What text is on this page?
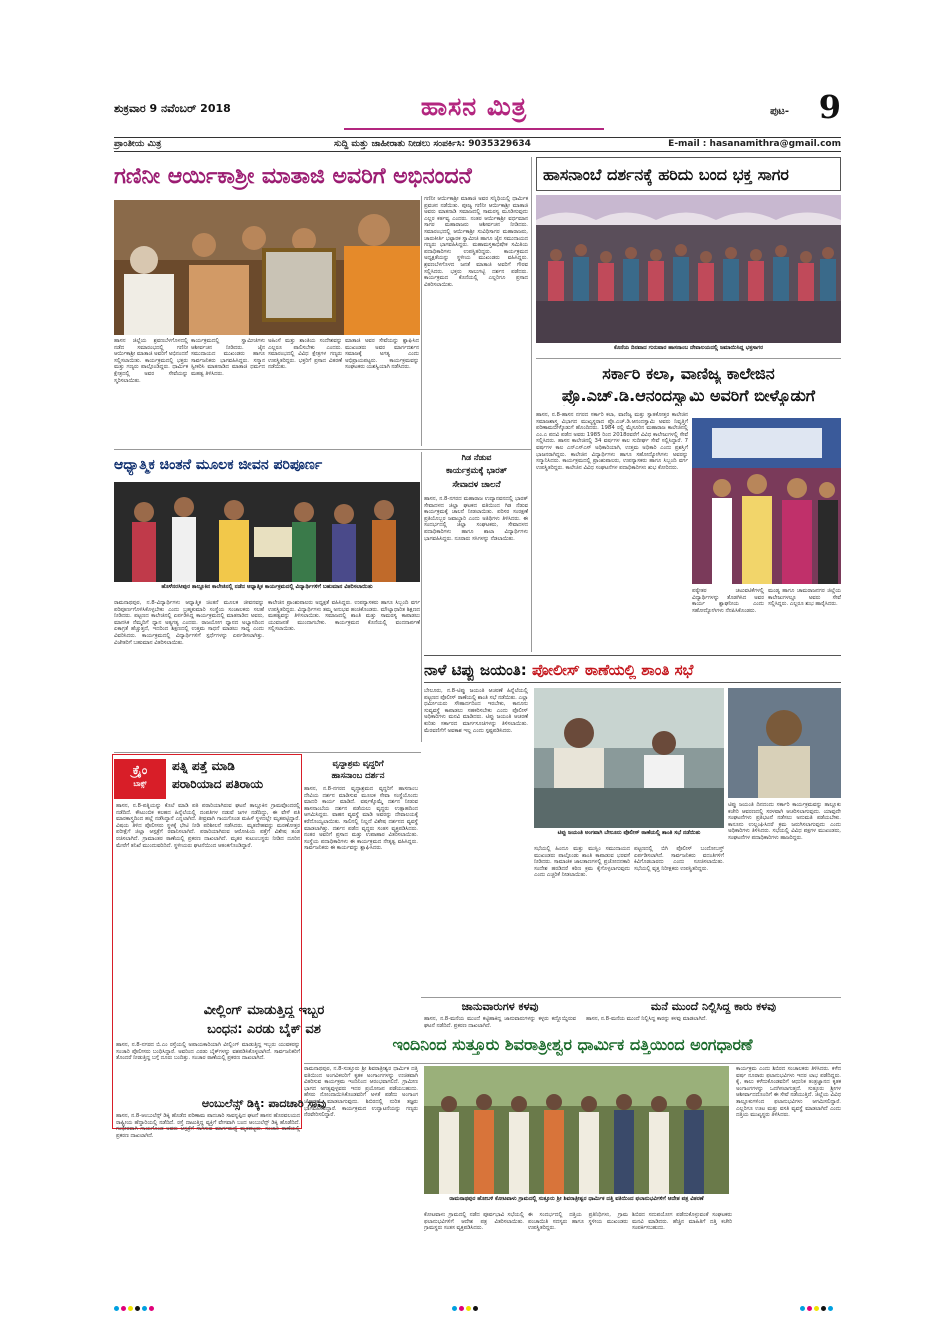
ಶುಕ್ರವಾರ 9 ನವೆಂಬರ್ 2018	ಹಾಸನ ಮಿತ್ರ	ಪುಟ- 9
ಪ್ರಾಂತೀಯ ಮಿತ್ರ	ಸುದ್ದಿ ಮತ್ತು ಜಾಹೀರಾತು ನೀಡಲು ಸಂಪರ್ಕಿಸಿ: 9035329634	E-mail : hasanamithra@gmail.com
ಗಣಿನೀ ಆರ್ಯಿಕಾಶ್ರೀ ಮಾತಾಜಿ ಅವರಿಗೆ ಅಭಿನಂದನೆ
ಹಾಸನ ಜಿಲ್ಲೆಯ ಶ್ರವಣಬೆಳಗೊಳದಲ್ಲಿ ನಡೆದ ಸಮಾರಂಭದಲ್ಲಿ ಗಣಿನೀ ಆರ್ಯಿಕಾಶ್ರೀ ಮಾತಾಜಿ ಅವರಿಗೆ ಅಭಿನಂದನೆ ಸಲ್ಲಿಸಲಾಯಿತು. ಕಾರ್ಯಕ್ರಮದಲ್ಲಿ ಭಕ್ತರು ಮತ್ತು ಗಣ್ಯರು ಪಾಲ್ಗೊಂಡಿದ್ದರು. ಧಾರ್ಮಿಕ ಕ್ಷೇತ್ರದಲ್ಲಿ ಅವರ ಸೇವೆಯನ್ನು ಸ್ಮರಿಸಲಾಯಿತು.
ಕಾರ್ಯಕ್ರಮದಲ್ಲಿ ಸ್ವಾಮೀಜಿಗಳು ಆಶೀರ್ವಚನ ನೀಡಿದರು. ಜೈನ ಸಮುದಾಯದ ಮುಖಂಡರು ಹಾಗೂ ಸಾರ್ವಜನಿಕರು ಭಾಗವಹಿಸಿದ್ದರು. ಸನ್ಮಾನ ಸ್ವೀಕರಿಸಿ ಮಾತನಾಡಿದ ಮಾತಾಜಿ ಧರ್ಮದ ಮಹತ್ವ ತಿಳಿಸಿದರು.
ಅಹಿಂಸೆ ಮತ್ತು ಶಾಂತಿಯ ಸಂದೇಶವನ್ನು ಎಲ್ಲರೂ ಪಾಲಿಸಬೇಕು ಎಂದರು. ಸಮಾರಂಭದಲ್ಲಿ ವಿವಿಧ ಕ್ಷೇತ್ರಗಳ ಗಣ್ಯರು ಉಪಸ್ಥಿತರಿದ್ದರು. ಭಕ್ತರಿಗೆ ಪ್ರಸಾದ ವಿತರಣೆ ನಡೆಯಿತು.
ಮಾತಾಜಿ ಅವರ ಸೇವೆಯನ್ನು ಶ್ಲಾಘಿಸಿದ ಮುಖಂಡರು ಅವರ ಮಾರ್ಗದರ್ಶನ ಸಮಾಜಕ್ಕೆ ಅಗತ್ಯ ಎಂದು ಅಭಿಪ್ರಾಯಪಟ್ಟರು. ಕಾರ್ಯಕ್ರಮವನ್ನು ಸಂಘಟಕರು ಯಶಸ್ವಿಯಾಗಿ ನಡೆಸಿದರು.
ಗಣಿನೀ ಆರ್ಯಿಕಾಶ್ರೀ ಮಾತಾಜಿ ಅವರ ಸನ್ನಿಧಿಯಲ್ಲಿ ಧಾರ್ಮಿಕ ಪ್ರವಚನ ನಡೆಯಿತು. ಪೂಜ್ಯ ಗಣಿನೀ ಆರ್ಯಿಕಾಶ್ರೀ ಮಾತಾಜಿ ಅವರು ಮಾತನಾಡಿ ಸಮಾಜದಲ್ಲಿ ಸಾಮರಸ್ಯ ಮೂಡಿಸುವುದು ಎಲ್ಲರ ಕರ್ತವ್ಯ ಎಂದರು. ನಂತರ ಆರ್ಯಿಕಾಶ್ರೀ ವರ್ಧಮಾನ ಸಾಗರ ಮಹಾರಾಜರು ಆಶೀರ್ವಚನ ನೀಡಿದರು. ಸಮಾರಂಭದಲ್ಲಿ ಆರ್ಯಿಕಾಶ್ರೀ ಸುವಿಧಿಸಾಗರ ಮಹಾರಾಜರು, ಚಾರುಕೀರ್ತಿ ಭಟ್ಟಾರಕ ಸ್ವಾಮೀಜಿ ಹಾಗೂ ಜೈನ ಸಮುದಾಯದ ಗಣ್ಯರು ಭಾಗವಹಿಸಿದ್ದರು. ಮಹಾಮಸ್ತಕಾಭಿಷೇಕ ಸಮಿತಿಯ ಪದಾಧಿಕಾರಿಗಳು ಉಪಸ್ಥಿತರಿದ್ದರು. ಕಾರ್ಯಕ್ರಮದ ಅಧ್ಯಕ್ಷತೆಯನ್ನು ಸ್ಥಳೀಯ ಮುಖಂಡರು ವಹಿಸಿದ್ದರು. ಶ್ರವಣಬೆಳಗೊಳದ ಜನತೆ ಮಾತಾಜಿ ಅವರಿಗೆ ಗೌರವ ಸಲ್ಲಿಸಿದರು. ಭಕ್ತರು ಸಾಲುಗಟ್ಟಿ ದರ್ಶನ ಪಡೆದರು. ಕಾರ್ಯಕ್ರಮದ ಕೊನೆಯಲ್ಲಿ ಎಲ್ಲರಿಗೂ ಪ್ರಸಾದ ವಿತರಿಸಲಾಯಿತು.
ಹಾಸನಾಂಬೆ ದರ್ಶನಕ್ಕೆ ಹರಿದು ಬಂದ ಭಕ್ತ ಸಾಗರ
ಕೊನೆಯ ದಿನವಾದ ಗುರುವಾರ ಹಾಸನಾಂಬ ದೇವಾಲಯದಲ್ಲಿ ಜಮಾಯಿಸಿದ್ದ ಭಕ್ತಸಾಗರ
ಸರ್ಕಾರಿ ಕಲಾ, ವಾಣಿಜ್ಯ ಕಾಲೇಜಿನ
ಪ್ರೊ.ಎಚ್.ಡಿ.ಆನಂದಸ್ವಾಮಿ ಅವರಿಗೆ ಬೀಳ್ಕೊಡುಗೆ
ಹಾಸನ, ನ.8-ಹಾಸನ ನಗರದ ಸರ್ಕಾರಿ ಕಲಾ, ವಾಣಿಜ್ಯ ಮತ್ತು ಸ್ನಾತಕೋತ್ತರ ಕಾಲೇಜಿನ ಸಮಾಜಶಾಸ್ತ್ರ ವಿಭಾಗದ ಮುಖ್ಯಸ್ಥರಾದ ಪ್ರೊ.ಎಚ್.ಡಿ.ಆನಂದಸ್ವಾಮಿ ಅವರು ನಿವೃತ್ತಿಗೆ ಪರಿಣಾಮಬೀಳ್ಕೊಡುಗೆ ಹೊಂದಿದರು. 1984 ರಲ್ಲಿ ಮೈಸೂರಿನ ಮಹಾರಾಜ ಕಾಲೇಜಿನಲ್ಲಿ ಎಂ.ಎ ಪದವಿ ಪಡೆದ ಅವರು 1985 ರಿಂದ 2018ರವರೆಗೆ ವಿವಿಧ ಕಾಲೇಜುಗಳಲ್ಲಿ ಸೇವೆ ಸಲ್ಲಿಸಿದರು. ಹಾಸನ ಕಾಲೇಜಿನಲ್ಲಿ 34 ವರ್ಷಗಳ ಕಾಲ ಸುದೀರ್ಘ ಸೇವೆ ಸಲ್ಲಿಸಿದ್ದಾರೆ. 7 ವರ್ಷಗಳ ಕಾಲ ಎನ್‌ಎಸ್‌ಎಸ್ ಅಧಿಕಾರಿಯಾಗಿ, ಉತ್ತಮ ಅಧಿಕಾರಿ ಎಂದು ಪ್ರಶಸ್ತಿಗೆ ಭಾಜನರಾಗಿದ್ದರು. ಕಾಲೇಜಿನ ವಿದ್ಯಾರ್ಥಿಗಳು ಹಾಗೂ ಸಹೋದ್ಯೋಗಿಗಳು ಅವರನ್ನು ಸನ್ಮಾನಿಸಿದರು. ಕಾರ್ಯಕ್ರಮದಲ್ಲಿ ಪ್ರಾಂಶುಪಾಲರು, ಉಪನ್ಯಾಸಕರು ಹಾಗೂ ಸಿಬ್ಬಂದಿ ವರ್ಗ ಉಪಸ್ಥಿತರಿದ್ದರು. ಕಾಲೇಜಿನ ವಿವಿಧ ಸಂಘಟನೆಗಳ ಪದಾಧಿಕಾರಿಗಳು ಶುಭ ಕೋರಿದರು.
ಪಠ್ಯೇತರ ಚಟುವಟಿಕೆಗಳಲ್ಲಿ ವಿದ್ಯಾರ್ಥಿಗಳನ್ನು ತೊಡಗಿಸಿದ ಅವರ ಕಾರ್ಯ ಶ್ಲಾಘನೀಯ ಎಂದು ಸಹೋದ್ಯೋಗಿಗಳು ನೆನಪಿಸಿಕೊಂಡರು.
ಮಂಡ್ಯ ಹಾಗೂ ಚಾಮರಾಜನಗರ ಜಿಲ್ಲೆಯ ಕಾಲೇಜುಗಳಲ್ಲೂ ಅವರು ಸೇವೆ ಸಲ್ಲಿಸಿದ್ದರು. ಎಲ್ಲರೂ ಶುಭ ಹಾರೈಸಿದರು.
ಆಧ್ಯಾತ್ಮಿಕ ಚಿಂತನೆ ಮೂಲಕ ಜೀವನ ಪರಿಪೂರ್ಣ
ಹೊಳೆನರಸೀಪುರ ತಾಲ್ಲೂಕಿನ ಕಾಲೇಜಿನಲ್ಲಿ ನಡೆದ ಆಧ್ಯಾತ್ಮಿಕ ಕಾರ್ಯಕ್ರಮದಲ್ಲಿ ವಿದ್ಯಾರ್ಥಿಗಳಿಗೆ ಬಹುಮಾನ ವಿತರಿಸಲಾಯಿತು
ರಾಮನಾಥಪುರ, ನ.8-ವಿದ್ಯಾರ್ಥಿಗಳು ಆಧ್ಯಾತ್ಮಿಕ ಚಿಂತನೆ ಮೂಲಕ ಜೀವನವನ್ನು ಪರಿಪೂರ್ಣಗೊಳಿಸಿಕೊಳ್ಳಬೇಕು ಎಂದು ಬ್ರಹ್ಮಕುಮಾರಿ ಸಂಸ್ಥೆಯ ಸಂಚಾಲಕರು ಸಲಹೆ ನೀಡಿದರು. ಪಟ್ಟಣದ ಕಾಲೇಜಿನಲ್ಲಿ ಏರ್ಪಡಿಸಿದ್ದ ಕಾರ್ಯಕ್ರಮದಲ್ಲಿ ಮಾತನಾಡಿದ ಅವರು, ಮಾನಸಿಕ ನೆಮ್ಮದಿಗೆ ಧ್ಯಾನ ಅತ್ಯಗತ್ಯ ಎಂದರು. ರಾಜಯೋಗ ಧ್ಯಾನದ ಅಭ್ಯಾಸದಿಂದ ಏಕಾಗ್ರತೆ ಹೆಚ್ಚುತ್ತದೆ, ಇದರಿಂದ ಶಿಕ್ಷಣದಲ್ಲಿ ಉತ್ತಮ ಸಾಧನೆ ಮಾಡಲು ಸಾಧ್ಯ ಎಂದು ವಿವರಿಸಿದರು. ಕಾರ್ಯಕ್ರಮದಲ್ಲಿ ವಿದ್ಯಾರ್ಥಿಗಳಿಗೆ ಸ್ಪರ್ಧೆಗಳನ್ನು ಏರ್ಪಡಿಸಲಾಗಿತ್ತು. ವಿಜೇತರಿಗೆ ಬಹುಮಾನ ವಿತರಿಸಲಾಯಿತು.
ಕಾಲೇಜಿನ ಪ್ರಾಂಶುಪಾಲರು ಅಧ್ಯಕ್ಷತೆ ವಹಿಸಿದ್ದರು. ಉಪನ್ಯಾಸಕರು ಹಾಗೂ ಸಿಬ್ಬಂದಿ ವರ್ಗ ಉಪಸ್ಥಿತರಿದ್ದರು. ವಿದ್ಯಾರ್ಥಿಗಳು ತಮ್ಮ ಅನುಭವ ಹಂಚಿಕೊಂಡರು. ಮೌಲ್ಯಾಧಾರಿತ ಶಿಕ್ಷಣದ ಮಹತ್ವವನ್ನು ತಿಳಿಸಲಾಯಿತು. ಸಮಾಜದಲ್ಲಿ ಶಾಂತಿ ಮತ್ತು ಸಾಮರಸ್ಯ ಕಾಪಾಡಲು ಯುವಜನತೆ ಮುಂದಾಗಬೇಕು. ಕಾರ್ಯಕ್ರಮದ ಕೊನೆಯಲ್ಲಿ ವಂದನಾರ್ಪಣೆ ಸಲ್ಲಿಸಲಾಯಿತು.
ಗಿಡ ನೆಡುವ
ಕಾರ್ಯಕ್ರಮಕ್ಕೆ ಭಾರತ್
ಸೇವಾದಳ ಚಾಲನೆ
ಹಾಸನ, ನ.8-ನಗರದ ಮಹಾರಾಜ ಉದ್ಯಾನವನದಲ್ಲಿ ಭಾರತ್ ಸೇವಾದಳದ ಜಿಲ್ಲಾ ಘಟಕದ ವತಿಯಿಂದ ಗಿಡ ನೆಡುವ ಕಾರ್ಯಕ್ರಮಕ್ಕೆ ಚಾಲನೆ ನೀಡಲಾಯಿತು. ಪರಿಸರ ಸಂರಕ್ಷಣೆ ಪ್ರತಿಯೊಬ್ಬರ ಜವಾಬ್ದಾರಿ ಎಂದು ಅತಿಥಿಗಳು ತಿಳಿಸಿದರು. ಈ ಸಂದರ್ಭದಲ್ಲಿ ಜಿಲ್ಲಾ ಸಂಘಟಕರು, ಸೇವಾದಳದ ಪದಾಧಿಕಾರಿಗಳು ಹಾಗೂ ಶಾಲಾ ವಿದ್ಯಾರ್ಥಿಗಳು ಭಾಗವಹಿಸಿದ್ದರು. ನೂರಾರು ಸಸಿಗಳನ್ನು ನೆಡಲಾಯಿತು.
ನಾಳೆ ಟಿಪ್ಪು ಜಯಂತಿ: ಪೋಲೀಸ್ ಠಾಣೆಯಲ್ಲಿ ಶಾಂತಿ ಸಭೆ
ಬೇಲೂರು, ನ.8-ಟಿಪ್ಪು ಜಯಂತಿ ಆಚರಣೆ ಹಿನ್ನೆಲೆಯಲ್ಲಿ ಪಟ್ಟಣದ ಪೊಲೀಸ್ ಠಾಣೆಯಲ್ಲಿ ಶಾಂತಿ ಸಭೆ ನಡೆಯಿತು. ಎಲ್ಲಾ ಧರ್ಮೀಯರು ಸೌಹಾರ್ದದಿಂದ ಇರಬೇಕು, ಕಾನೂನು ಸುವ್ಯವಸ್ಥೆ ಕಾಪಾಡಲು ಸಹಕರಿಸಬೇಕು ಎಂದು ಪೊಲೀಸ್ ಅಧಿಕಾರಿಗಳು ಮನವಿ ಮಾಡಿದರು. ಟಿಪ್ಪು ಜಯಂತಿ ಆಚರಣೆ ಕುರಿತು ಸರ್ಕಾರದ ಮಾರ್ಗಸೂಚಿಗಳನ್ನು ತಿಳಿಸಲಾಯಿತು. ಮೆರವಣಿಗೆಗೆ ಅವಕಾಶ ಇಲ್ಲ ಎಂದು ಸ್ಪಷ್ಟಪಡಿಸಿದರು.
ಟಿಪ್ಪು ಜಯಂತಿ ಅಂಗವಾಗಿ ಬೇಲೂರು ಪೊಲೀಸ್ ಠಾಣೆಯಲ್ಲಿ ಶಾಂತಿ ಸಭೆ ನಡೆಯಿತು
ಸಭೆಯಲ್ಲಿ ಹಿಂದೂ ಮತ್ತು ಮುಸ್ಲಿಂ ಸಮುದಾಯದ ಮುಖಂಡರು ಪಾಲ್ಗೊಂಡು ಶಾಂತಿ ಕಾಪಾಡುವ ಭರವಸೆ ನೀಡಿದರು. ಸಾಮಾಜಿಕ ಜಾಲತಾಣಗಳಲ್ಲಿ ಪ್ರಚೋದನಕಾರಿ ಸಂದೇಶ ಹರಡಿದರೆ ಕಠಿಣ ಕ್ರಮ ಕೈಗೊಳ್ಳಲಾಗುವುದು ಎಂದು ಎಚ್ಚರಿಕೆ ನೀಡಲಾಯಿತು.
ಪಟ್ಟಣದಲ್ಲಿ ಬಿಗಿ ಪೊಲೀಸ್ ಬಂದೋಬಸ್ತ್ ಏರ್ಪಡಿಸಲಾಗಿದೆ. ಸಾರ್ವಜನಿಕರು ವದಂತಿಗಳಿಗೆ ಕಿವಿಗೊಡಬಾರದು ಎಂದು ಸೂಚಿಸಲಾಯಿತು. ಸಭೆಯಲ್ಲಿ ವೃತ್ತ ನಿರೀಕ್ಷಕರು ಉಪಸ್ಥಿತರಿದ್ದರು.
ಟಿಪ್ಪು ಜಯಂತಿ ದಿನದಂದು ಸರ್ಕಾರಿ ಕಾರ್ಯಕ್ರಮವನ್ನು ತಾಲ್ಲೂಕು ಕಚೇರಿ ಆವರಣದಲ್ಲಿ ಸರಳವಾಗಿ ಆಚರಿಸಲಾಗುವುದು. ಯಾವುದೇ ಸಂಘಟನೆಗಳು ಪ್ರತಿಭಟನೆ ನಡೆಸಲು ಅನುಮತಿ ಪಡೆಯಬೇಕು. ಕಾನೂನು ಉಲ್ಲಂಘಿಸಿದರೆ ಕ್ರಮ ಜರುಗಿಸಲಾಗುವುದು ಎಂದು ಅಧಿಕಾರಿಗಳು ತಿಳಿಸಿದರು. ಸಭೆಯಲ್ಲಿ ವಿವಿಧ ಪಕ್ಷಗಳ ಮುಖಂಡರು, ಸಂಘಟನೆಗಳ ಪದಾಧಿಕಾರಿಗಳು ಹಾಜರಿದ್ದರು.
ಕ್ರೈಂ
ಬಾಕ್ಸ್
ಪತ್ನಿ ಪತ್ತೆ ಮಾಡಿ
ಪರಾರಿಯಾದ ಪತಿರಾಯ
ಹಾಸನ, ನ.8-ಪತ್ನಿಯನ್ನು ಕೊಲೆ ಮಾಡಿ ಪತಿ ಪರಾರಿಯಾಗಿರುವ ಘಟನೆ ತಾಲ್ಲೂಕಿನ ಗ್ರಾಮವೊಂದರಲ್ಲಿ ನಡೆದಿದೆ. ಕೌಟುಂಬಿಕ ಕಲಹದ ಹಿನ್ನೆಲೆಯಲ್ಲಿ ದಂಪತಿಗಳ ನಡುವೆ ಜಗಳ ನಡೆದಿದ್ದು, ಈ ವೇಳೆ ಪತಿ ಮಾರಕಾಸ್ತ್ರದಿಂದ ಹಲ್ಲೆ ನಡೆಸಿದ್ದಾನೆ ಎನ್ನಲಾಗಿದೆ. ತೀವ್ರವಾಗಿ ಗಾಯಗೊಂಡ ಮಹಿಳೆ ಸ್ಥಳದಲ್ಲೇ ಮೃತಪಟ್ಟಿದ್ದಾರೆ. ವಿಷಯ ತಿಳಿದ ಪೊಲೀಸರು ಸ್ಥಳಕ್ಕೆ ಭೇಟಿ ನೀಡಿ ಪರಿಶೀಲನೆ ನಡೆಸಿದರು. ಮೃತದೇಹವನ್ನು ಮರಣೋತ್ತರ ಪರೀಕ್ಷೆಗೆ ಜಿಲ್ಲಾ ಆಸ್ಪತ್ರೆಗೆ ರವಾನಿಸಲಾಗಿದೆ. ಪರಾರಿಯಾಗಿರುವ ಆರೋಪಿಯ ಪತ್ತೆಗೆ ವಿಶೇಷ ತಂಡ ರಚಿಸಲಾಗಿದೆ. ಗ್ರಾಮಾಂತರ ಠಾಣೆಯಲ್ಲಿ ಪ್ರಕರಣ ದಾಖಲಾಗಿದೆ. ಮೃತರ ಕುಟುಂಬಸ್ಥರು ನೀಡಿದ ದೂರಿನ ಮೇರೆಗೆ ತನಿಖೆ ಮುಂದುವರಿದಿದೆ. ಸ್ಥಳೀಯರು ಘಟನೆಯಿಂದ ಆತಂಕಗೊಂಡಿದ್ದಾರೆ.
ವೃದ್ಧಾಶ್ರಮ ವೃದ್ಧರಿಗೆ
ಹಾಸನಾಂಬ ದರ್ಶನ
ಹಾಸನ, ನ.8-ನಗರದ ವೃದ್ಧಾಶ್ರಮದ ವೃದ್ಧರಿಗೆ ಹಾಸನಾಂಬ ದೇವಿಯ ದರ್ಶನ ಮಾಡಿಸುವ ಮೂಲಕ ಸೇವಾ ಸಂಸ್ಥೆಯೊಂದು ಮಾದರಿ ಕಾರ್ಯ ಮಾಡಿದೆ. ವರ್ಷಕ್ಕೊಮ್ಮೆ ದರ್ಶನ ನೀಡುವ ಹಾಸನಾಂಬೆಯ ದರ್ಶನ ಪಡೆಯಲು ವೃದ್ಧರು ಉತ್ಸಾಹದಿಂದ ಆಗಮಿಸಿದ್ದರು. ವಾಹನ ವ್ಯವಸ್ಥೆ ಮಾಡಿ ಅವರನ್ನು ದೇವಾಲಯಕ್ಕೆ ಕರೆದೊಯ್ಯಲಾಯಿತು. ಸಾಲಿನಲ್ಲಿ ನಿಲ್ಲದೆ ವಿಶೇಷ ದರ್ಶನದ ವ್ಯವಸ್ಥೆ ಮಾಡಲಾಗಿತ್ತು. ದರ್ಶನ ಪಡೆದ ವೃದ್ಧರು ಸಂತಸ ವ್ಯಕ್ತಪಡಿಸಿದರು. ನಂತರ ಅವರಿಗೆ ಪ್ರಸಾದ ಮತ್ತು ಉಪಾಹಾರ ವಿತರಿಸಲಾಯಿತು. ಸಂಸ್ಥೆಯ ಪದಾಧಿಕಾರಿಗಳು ಈ ಕಾರ್ಯಕ್ರಮದ ನೇತೃತ್ವ ವಹಿಸಿದ್ದರು. ಸಾರ್ವಜನಿಕರು ಈ ಕಾರ್ಯವನ್ನು ಶ್ಲಾಘಿಸಿದರು.
ವೀಲ್ಲಿಂಗ್ ಮಾಡುತ್ತಿದ್ದ ಇಬ್ಬರ
ಬಂಧನ: ಎರಡು ಬೈಕ್ ವಶ
ಹಾಸನ, ನ.8-ನಗರದ ಬಿ.ಎಂ ರಸ್ತೆಯಲ್ಲಿ ಅಪಾಯಕಾರಿಯಾಗಿ ವೀಲ್ಲಿಂಗ್ ಮಾಡುತ್ತಿದ್ದ ಇಬ್ಬರು ಯುವಕರನ್ನು ಸಂಚಾರಿ ಪೊಲೀಸರು ಬಂಧಿಸಿದ್ದಾರೆ. ಅವರಿಂದ ಎರಡು ಬೈಕ್‌ಗಳನ್ನು ವಶಪಡಿಸಿಕೊಳ್ಳಲಾಗಿದೆ. ಸಾರ್ವಜನಿಕರಿಗೆ ತೊಂದರೆ ನೀಡುತ್ತಿದ್ದ ಬಗ್ಗೆ ದೂರು ಬಂದಿತ್ತು. ಸಂಚಾರ ಠಾಣೆಯಲ್ಲಿ ಪ್ರಕರಣ ದಾಖಲಾಗಿದೆ.
ಆಂಬುಲೆನ್ಸ್ ಡಿಕ್ಕಿ: ಪಾದಚಾರಿ ಸಾವು
ಹಾಸನ, ನ.8-ಆಂಬುಲೆನ್ಸ್ ಡಿಕ್ಕಿ ಹೊಡೆದ ಪರಿಣಾಮ ಪಾದಚಾರಿ ಸಾವನ್ನಪ್ಪಿದ ಘಟನೆ ಹಾಸನ ಹೊರವಲಯದ ರಾಷ್ಟ್ರೀಯ ಹೆದ್ದಾರಿಯಲ್ಲಿ ನಡೆದಿದೆ. ರಸ್ತೆ ದಾಟುತ್ತಿದ್ದ ವ್ಯಕ್ತಿಗೆ ವೇಗವಾಗಿ ಬಂದ ಆಂಬುಲೆನ್ಸ್ ಡಿಕ್ಕಿ ಹೊಡೆದಿದೆ. ಗಂಭೀರವಾಗಿ ಗಾಯಗೊಂಡ ಅವರು ಆಸ್ಪತ್ರೆಗೆ ಸಾಗಿಸುವ ಮಾರ್ಗಮಧ್ಯೆ ಮೃತಪಟ್ಟರು. ಸಂಚಾರಿ ಠಾಣೆಯಲ್ಲಿ ಪ್ರಕರಣ ದಾಖಲಾಗಿದೆ.
ಜಾನುವಾರುಗಳ ಕಳವು
ಹಾಸನ, ನ.8-ಮನೆಯ ಮುಂದೆ ಕಟ್ಟಿಹಾಕಿದ್ದ ಜಾನುವಾರುಗಳನ್ನು ಕಳ್ಳರು ಕದ್ದೊಯ್ದಿರುವ ಘಟನೆ ನಡೆದಿದೆ. ಪ್ರಕರಣ ದಾಖಲಾಗಿದೆ.
ಮನೆ ಮುಂದೆ ನಿಲ್ಲಿಸಿದ್ದ ಕಾರು ಕಳವು
ಹಾಸನ, ನ.8-ಮನೆಯ ಮುಂದೆ ನಿಲ್ಲಿಸಿದ್ದ ಕಾರನ್ನು ಕಳವು ಮಾಡಲಾಗಿದೆ.
ಇಂದಿನಿಂದ ಸುತ್ತೂರು ಶಿವರಾತ್ರೀಶ್ವರ ಧಾರ್ಮಿಕ ದತ್ತಿಯಿಂದ ಅಂಗಧಾರಣೆ
ರಾಮನಾಥಪುರ, ನ.8-ಸುತ್ತೂರು ಶ್ರೀ ಶಿವರಾತ್ರೀಶ್ವರ ಧಾರ್ಮಿಕ ದತ್ತಿ ವತಿಯಿಂದ ಅಂಗವಿಕಲರಿಗೆ ಕೃತಕ ಅಂಗಾಂಗಗಳನ್ನು ಉಚಿತವಾಗಿ ವಿತರಿಸುವ ಕಾರ್ಯಕ್ರಮ ಇಂದಿನಿಂದ ಆರಂಭವಾಗಲಿದೆ. ಗ್ರಾಮೀಣ ಭಾಗದ ಅಗತ್ಯವುಳ್ಳವರು ಇದರ ಪ್ರಯೋಜನ ಪಡೆಯಬಹುದು. ಹೆಸರು ನೋಂದಾಯಿಸಿಕೊಂಡವರಿಗೆ ಅಳತೆ ಪಡೆದು ಅಂಗಾಂಗ ಜೋಡಣೆ ಮಾಡಲಾಗುವುದು. ಶಿಬಿರದಲ್ಲಿ ನುರಿತ ತಜ್ಞರು ಭಾಗವಹಿಸಲಿದ್ದಾರೆ. ಕಾರ್ಯಕ್ರಮದ ಉದ್ಘಾಟನೆಯನ್ನು ಗಣ್ಯರು ನೆರವೇರಿಸಲಿದ್ದಾರೆ.
ರಾಮನಾಥಪುರ ಹೋಬಳಿ ಕೋಟವಾಳು ಗ್ರಾಮದಲ್ಲಿ ಸುತ್ತೂರು ಶ್ರೀ ಶಿವರಾತ್ರೀಶ್ವರ ಧಾರ್ಮಿಕ ದತ್ತಿ ವತಿಯಿಂದ ಫಲಾನುಭವಿಗಳಿಗೆ ಆದೇಶ ಪತ್ರ ವಿತರಣೆ
ಕೋಟವಾಳು ಗ್ರಾಮದಲ್ಲಿ ನಡೆದ ಪೂರ್ವಭಾವಿ ಸಭೆಯಲ್ಲಿ ಫಲಾನುಭವಿಗಳಿಗೆ ಆದೇಶ ಪತ್ರ ವಿತರಿಸಲಾಯಿತು. ಗ್ರಾಮಸ್ಥರು ಸಂತಸ ವ್ಯಕ್ತಪಡಿಸಿದರು.
ಈ ಸಂದರ್ಭದಲ್ಲಿ ದತ್ತಿಯ ಪ್ರತಿನಿಧಿಗಳು, ಗ್ರಾಮ ಪಂಚಾಯಿತಿ ಸದಸ್ಯರು ಹಾಗೂ ಸ್ಥಳೀಯ ಮುಖಂಡರು ಉಪಸ್ಥಿತರಿದ್ದರು.
ಶಿಬಿರದ ಸದುಪಯೋಗ ಪಡೆದುಕೊಳ್ಳುವಂತೆ ಸಂಘಟಕರು ಮನವಿ ಮಾಡಿದರು. ಹೆಚ್ಚಿನ ಮಾಹಿತಿಗೆ ದತ್ತಿ ಕಚೇರಿ ಸಂಪರ್ಕಿಸಬಹುದು.
ಕಾರ್ಯಕ್ರಮ ಎಂದು ಶಿಬಿರದ ಸಂಚಾಲಕರು ತಿಳಿಸಿದರು. ಕಳೆದ ವರ್ಷ ನೂರಾರು ಫಲಾನುಭವಿಗಳು ಇದರ ಲಾಭ ಪಡೆದಿದ್ದರು. ಕೈ, ಕಾಲು ಕಳೆದುಕೊಂಡವರಿಗೆ ಆಧುನಿಕ ತಂತ್ರಜ್ಞಾನದ ಕೃತಕ ಅಂಗಾಂಗಗಳನ್ನು ಒದಗಿಸಲಾಗುತ್ತದೆ. ಸುತ್ತೂರು ಶ್ರೀಗಳ ಆಶೀರ್ವಾದದೊಂದಿಗೆ ಈ ಸೇವೆ ನಡೆಯುತ್ತಿದೆ. ಜಿಲ್ಲೆಯ ವಿವಿಧ ತಾಲ್ಲೂಕುಗಳಿಂದ ಫಲಾನುಭವಿಗಳು ಆಗಮಿಸಲಿದ್ದಾರೆ. ಎಲ್ಲರಿಗೂ ಊಟ ಮತ್ತು ವಸತಿ ವ್ಯವಸ್ಥೆ ಮಾಡಲಾಗಿದೆ ಎಂದು ದತ್ತಿಯ ಮುಖ್ಯಸ್ಥರು ತಿಳಿಸಿದರು.
